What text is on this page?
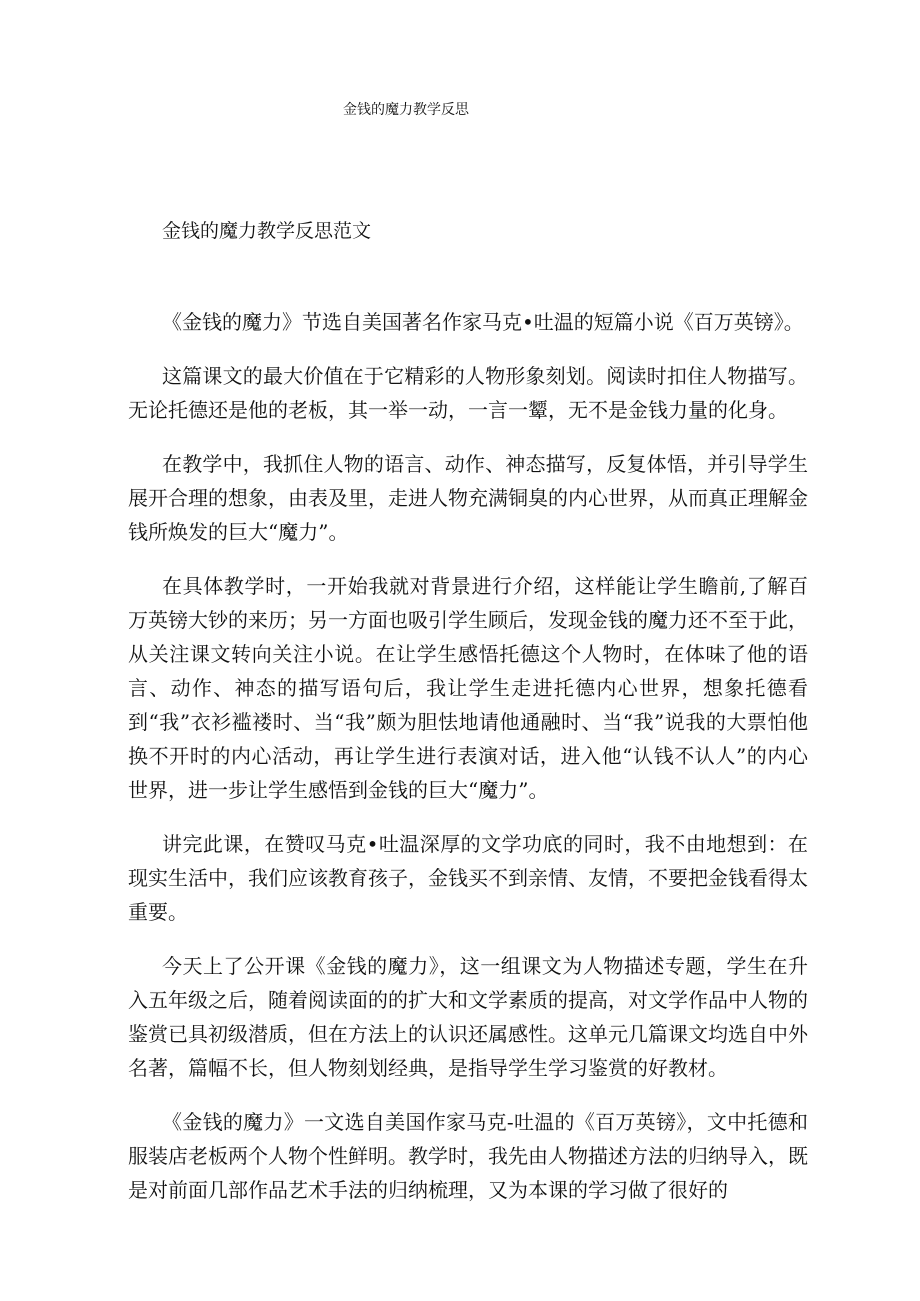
金钱的魔力教学反思
金钱的魔力教学反思范文

《金钱的魔力》节选自美国著名作家马克•吐温的短篇小说《百万英镑》。

这篇课文的最大价值在于它精彩的人物形象刻划。阅读时扣住人物描写。无论托德还是他的老板，其一举一动，一言一颦，无不是金钱力量的化身。

在教学中，我抓住人物的语言、动作、神态描写，反复体悟，并引导学生展开合理的想象，由表及里，走进人物充满铜臭的内心世界，从而真正理解金钱所焕发的巨大“魔力”。

在具体教学时，一开始我就对背景进行介绍，这样能让学生瞻前,了解百万英镑大钞的来历；另一方面也吸引学生顾后，发现金钱的魔力还不至于此，从关注课文转向关注小说。在让学生感悟托德这个人物时，在体味了他的语言、动作、神态的描写语句后，我让学生走进托德内心世界，想象托德看到“我”衣衫褴褛时、当“我”颇为胆怯地请他通融时、当“我”说我的大票怕他换不开时的内心活动，再让学生进行表演对话，进入他“认钱不认人”的内心世界，进一步让学生感悟到金钱的巨大“魔力”。

讲完此课，在赞叹马克•吐温深厚的文学功底的同时，我不由地想到：在现实生活中，我们应该教育孩子，金钱买不到亲情、友情，不要把金钱看得太重要。

今天上了公开课《金钱的魔力》，这一组课文为人物描述专题，学生在升入五年级之后，随着阅读面的的扩大和文学素质的提高，对文学作品中人物的鉴赏已具初级潜质，但在方法上的认识还属感性。这单元几篇课文均选自中外名著，篇幅不长，但人物刻划经典，是指导学生学习鉴赏的好教材。

《金钱的魔力》一文选自美国作家马克-吐温的《百万英镑》，文中托德和服装店老板两个人物个性鲜明。教学时，我先由人物描述方法的归纳导入，既是对前面几部作品艺术手法的归纳梳理，又为本课的学习做了很好的
